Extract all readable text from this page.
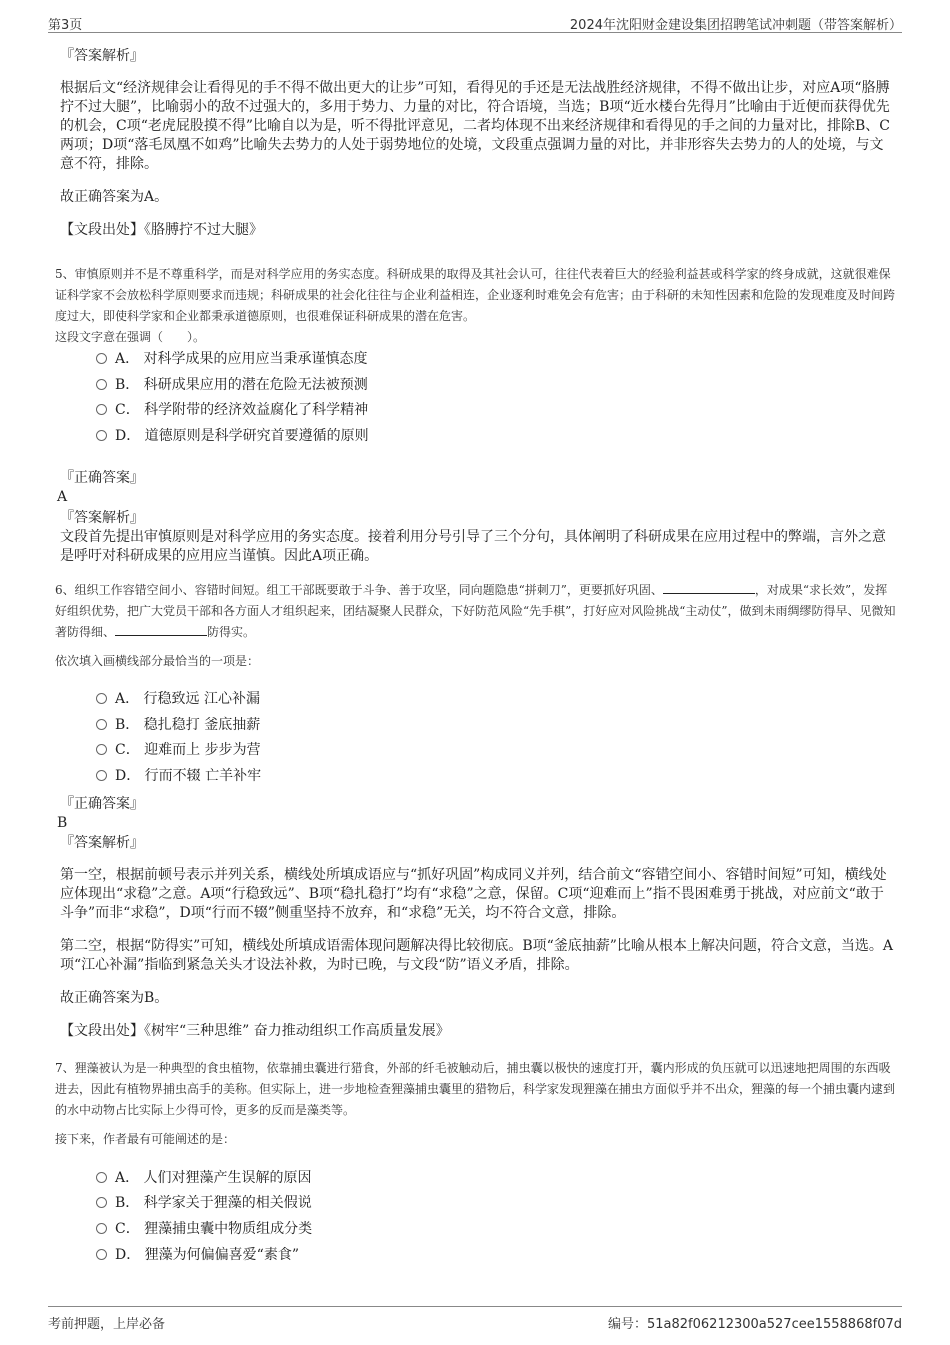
第3页	2024年沈阳财金建设集团招聘笔试冲刺题（带答案解析）
『答案解析』
根据后文“经济规律会让看得见的手不得不做出更大的让步”可知，看得见的手还是无法战胜经济规律，不得不做出让步，对应A项“胳膊拧不过大腿”，比喻弱小的敌不过强大的，多用于势力、力量的对比，符合语境，当选；B项“近水楼台先得月”比喻由于近便而获得优先的机会，C项“老虎屁股摸不得”比喻自以为是，听不得批评意见，二者均体现不出来经济规律和看得见的手之间的力量对比，排除B、C两项；D项“落毛凤凰不如鸡”比喻失去势力的人处于弱势地位的处境，文段重点强调力量的对比，并非形容失去势力的人的处境，与文意不符，排除。
故正确答案为A。
【文段出处】《胳膊拧不过大腿》
5、审慎原则并不是不尊重科学，而是对科学应用的务实态度。科研成果的取得及其社会认可，往往代表着巨大的经验利益甚或科学家的终身成就，这就很难保证科学家不会放松科学原则要求而违规；科研成果的社会化往往与企业利益相连，企业逐利时难免会有危害；由于科研的未知性因素和危险的发现难度及时间跨度过大，即使科学家和企业都秉承道德原则，也很难保证科研成果的潜在危害。
这段文字意在强调（　　）。
A． 对科学成果的应用应当秉承谨慎态度
B． 科研成果应用的潜在危险无法被预测
C． 科学附带的经济效益腐化了科学精神
D． 道德原则是科学研究首要遵循的原则
『正确答案』
A
『答案解析』
文段首先提出审慎原则是对科学应用的务实态度。接着利用分号引导了三个分句，具体阐明了科研成果在应用过程中的弊端，言外之意是呼吁对科研成果的应用应当谨慎。因此A项正确。
6、组织工作容错空间小、容错时间短。组工干部既要敢于斗争、善于攻坚，同向题隐患“拼刺刀”，更要抓好巩固、	，对成果“求长效”，发挥好组织优势，把广大党员干部和各方面人才组织起来，团结凝聚人民群众，下好防范风险“先手棋”，打好应对风险挑战“主动仗”，做到未雨绸缪防得早、见微知著防得细、	防得实。
依次填入画横线部分最恰当的一项是：
A． 行稳致远 江心补漏
B． 稳扎稳打 釜底抽薪
C． 迎难而上 步步为营
D． 行而不辍 亡羊补牢
『正确答案』
B
『答案解析』
第一空，根据前顿号表示并列关系，横线处所填成语应与“抓好巩固”构成同义并列，结合前文“容错空间小、容错时间短”可知，横线处应体现出“求稳”之意。A项“行稳致远”、B项“稳扎稳打”均有“求稳”之意，保留。C项“迎难而上”指不畏困难勇于挑战，对应前文“敢于斗争”而非“求稳”，D项“行而不辍”侧重坚持不放弃，和“求稳”无关，均不符合文意，排除。
第二空，根据“防得实”可知，横线处所填成语需体现问题解决得比较彻底。B项“釜底抽薪”比喻从根本上解决问题，符合文意，当选。A项“江心补漏”指临到紧急关头才设法补救，为时已晚，与文段“防”语义矛盾，排除。
故正确答案为B。
【文段出处】《树牢“三种思维” 奋力推动组织工作高质量发展》
7、狸藻被认为是一种典型的食虫植物，依靠捕虫囊进行猎食，外部的纤毛被触动后，捕虫囊以极快的速度打开，囊内形成的负压就可以迅速地把周围的东西吸进去，因此有植物界捕虫高手的美称。但实际上，进一步地检查狸藻捕虫囊里的猎物后，科学家发现狸藻在捕虫方面似乎并不出众，狸藻的每一个捕虫囊内逮到的水中动物占比实际上少得可怜，更多的反而是藻类等。
接下来，作者最有可能阐述的是：
A． 人们对狸藻产生误解的原因
B． 科学家关于狸藻的相关假说
C． 狸藻捕虫囊中物质组成分类
D． 狸藻为何偏偏喜爱“素食”
考前押题，上岸必备	编号：51a82f06212300a527cee1558868f07d
